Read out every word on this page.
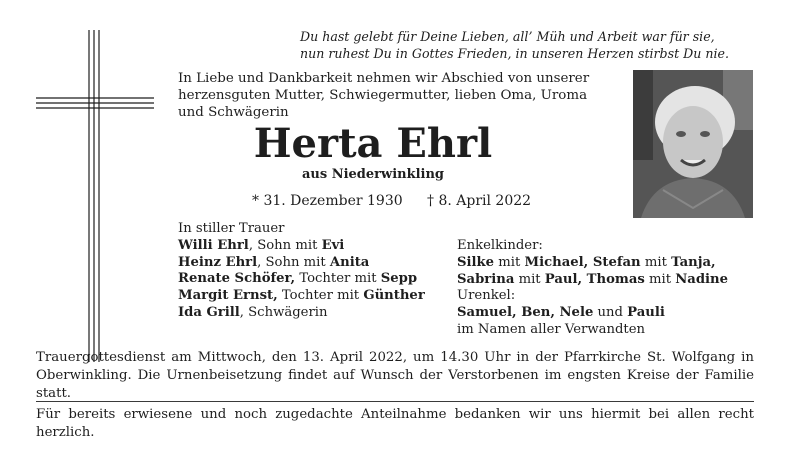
Du hast gelebt für Deine Lieben, all’ Müh und Arbeit war für sie,
nun ruhest Du in Gottes Frieden, in unseren Herzen stirbst Du nie.
In Liebe und Dankbarkeit nehmen wir Abschied von unserer
herzensguten Mutter, Schwiegermutter, lieben Oma, Uroma
und Schwägerin
Herta Ehrl
aus Niederwinkling
* 31. Dezember 1930 † 8. April 2022
In stiller Trauer
Willi Ehrl, Sohn mit Evi
Heinz Ehrl, Sohn mit Anita
Renate Schöfer, Tochter mit Sepp
Margit Ernst, Tochter mit Günther
Ida Grill, Schwägerin
Enkelkinder:
Silke mit Michael, Stefan mit Tanja,
Sabrina mit Paul, Thomas mit Nadine
Urenkel:
Samuel, Ben, Nele und Pauli
im Namen aller Verwandten
Trauergottesdienst am Mittwoch, den 13. April 2022, um 14.30 Uhr in der Pfarrkirche St. Wolfgang in Oberwinkling. Die Urnenbeisetzung findet auf Wunsch der Verstorbenen im engsten Kreise der Familie statt.
Für bereits erwiesene und noch zugedachte Anteilnahme bedanken wir uns hiermit bei allen recht herzlich.
